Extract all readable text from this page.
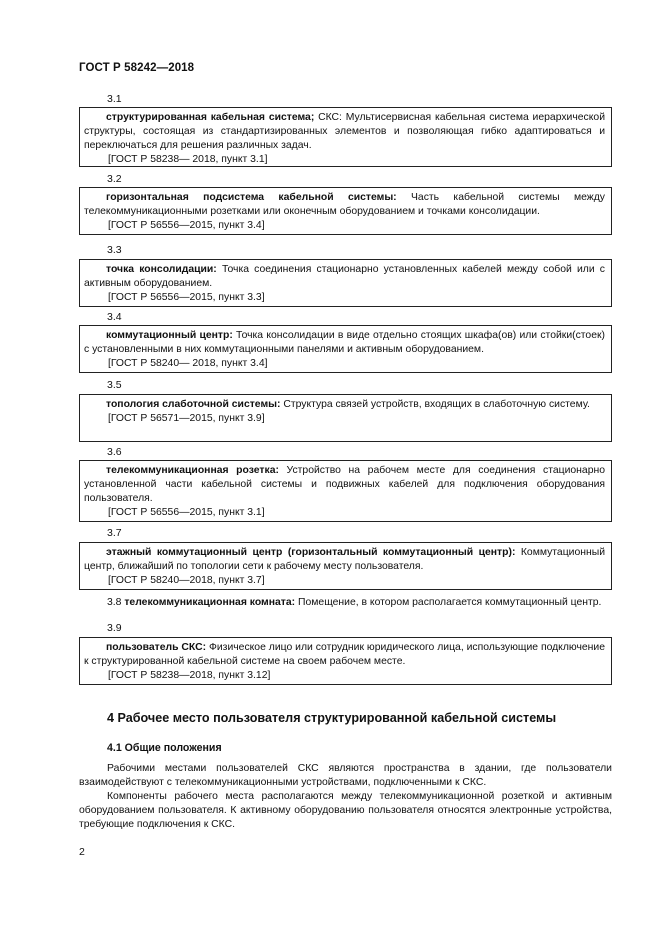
ГОСТ Р 58242—2018
3.1

структурированная кабельная система; СКС: Мультисервисная кабельная система иерархической структуры, состоящая из стандартизированных элементов и позволяющая гибко адаптироваться и переключаться для решения различных задач.

[ГОСТ Р 58238— 2018, пункт 3.1]

3.2

горизонтальная подсистема кабельной системы: Часть кабельной системы между телекоммуникационными розетками или оконечным оборудованием и точками консолидации.

[ГОСТ Р 56556—2015, пункт 3.4]

3.3

точка консолидации: Точка соединения стационарно установленных кабелей между собой или с активным оборудованием.

[ГОСТ Р 56556—2015, пункт 3.3]

3.4

коммутационный центр: Точка консолидации в виде отдельно стоящих шкафа(ов) или стойки(стоек) с установленными в них коммутационными панелями и активным оборудованием.

[ГОСТ Р 58240— 2018, пункт 3.4]

3.5

топология слаботочной системы: Структура связей устройств, входящих в слаботочную систему.

[ГОСТ Р 56571—2015, пункт 3.9]

3.6

телекоммуникационная розетка: Устройство на рабочем месте для соединения стационарно установленной части кабельной системы и подвижных кабелей для подключения оборудования пользователя.

[ГОСТ Р 56556—2015, пункт 3.1]

3.7

этажный коммутационный центр (горизонтальный коммутационный центр): Коммутационный центр, ближайший по топологии сети к рабочему месту пользователя.

[ГОСТ Р 58240—2018, пункт 3.7]

3.8 телекоммуникационная комната: Помещение, в котором располагается коммутационный центр.
3.9

пользователь СКС: Физическое лицо или сотрудник юридического лица, использующие подключение к структурированной кабельной системе на своем рабочем месте.

[ГОСТ Р 58238—2018, пункт 3.12]

4 Рабочее место пользователя структурированной кабельной системы
4.1 Общие положения
Рабочими местами пользователей СКС являются пространства в здании, где пользователи взаимодействуют с телекоммуникационными устройствами, подключенными к СКС.
Компоненты рабочего места располагаются между телекоммуникационной розеткой и активным оборудованием пользователя. К активному оборудованию пользователя относятся электронные устройства, требующие подключения к СКС.
2
